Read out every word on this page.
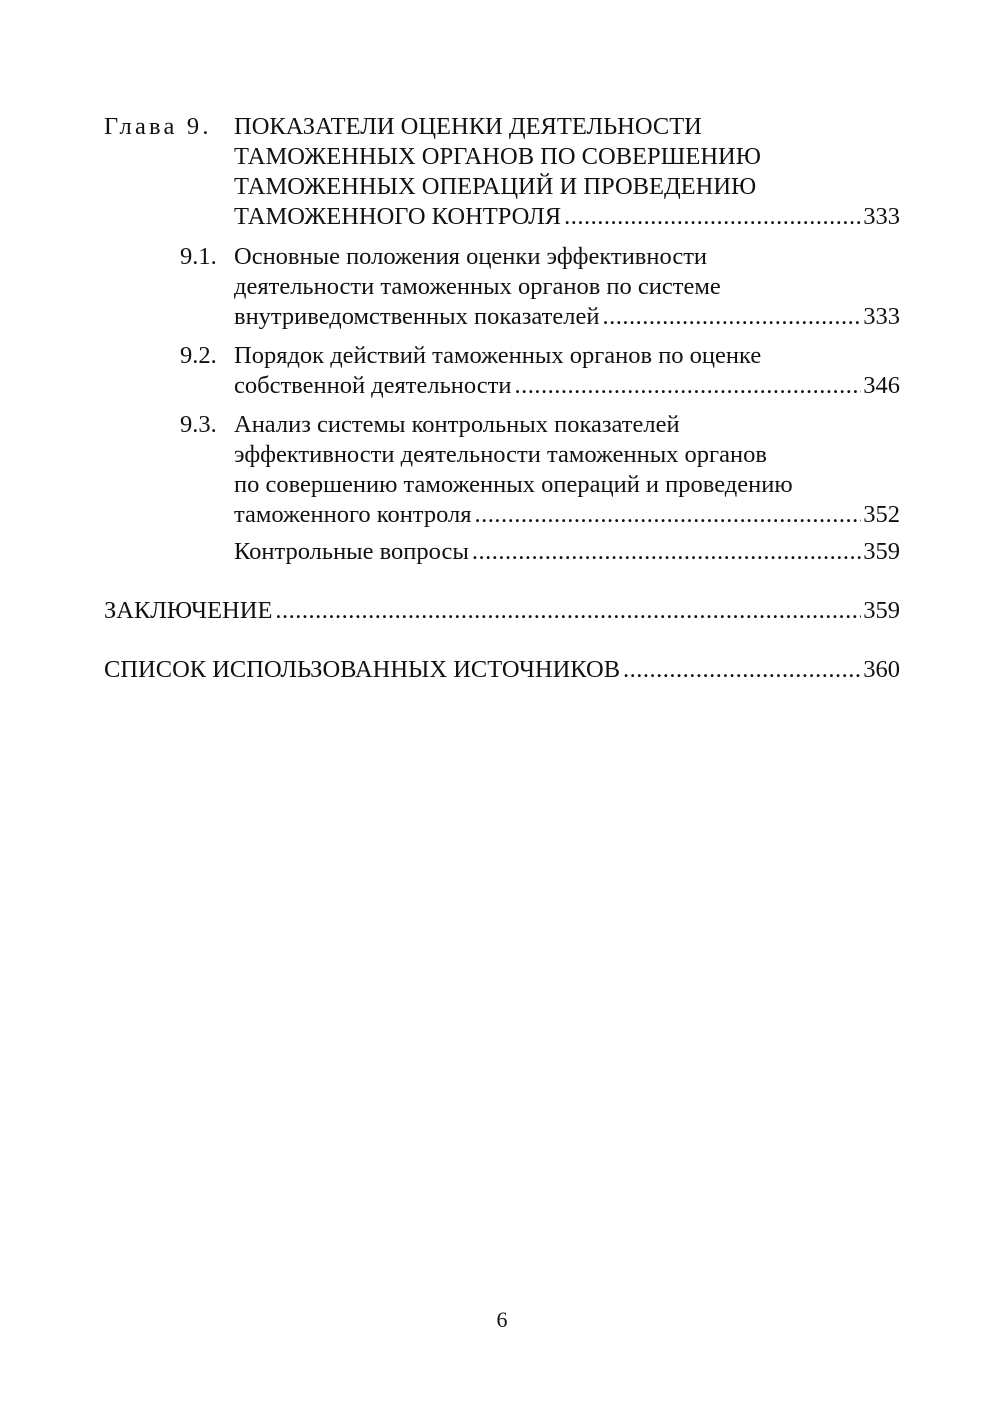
Глава 9. ПОКАЗАТЕЛИ ОЦЕНКИ ДЕЯТЕЛЬНОСТИ
ТАМОЖЕННЫХ ОРГАНОВ ПО СОВЕРШЕНИЮ
ТАМОЖЕННЫХ ОПЕРАЦИЙ И ПРОВЕДЕНИЮ
ТАМОЖЕННОГО КОНТРОЛЯ .....	333
9.1. Основные положения оценки эффективности
деятельности таможенных органов по системе
внутриведомственных показателей .....	333
9.2. Порядок действий таможенных органов по оценке
собственной деятельности .....	346
9.3. Анализ системы контрольных показателей
эффективности деятельности таможенных органов
по совершению таможенных операций и проведению
таможенного контроля .....	352
Контрольные вопросы .....	359
ЗАКЛЮЧЕНИЕ .....	359
СПИСОК ИСПОЛЬЗОВАННЫХ ИСТОЧНИКОВ .....	360
6
